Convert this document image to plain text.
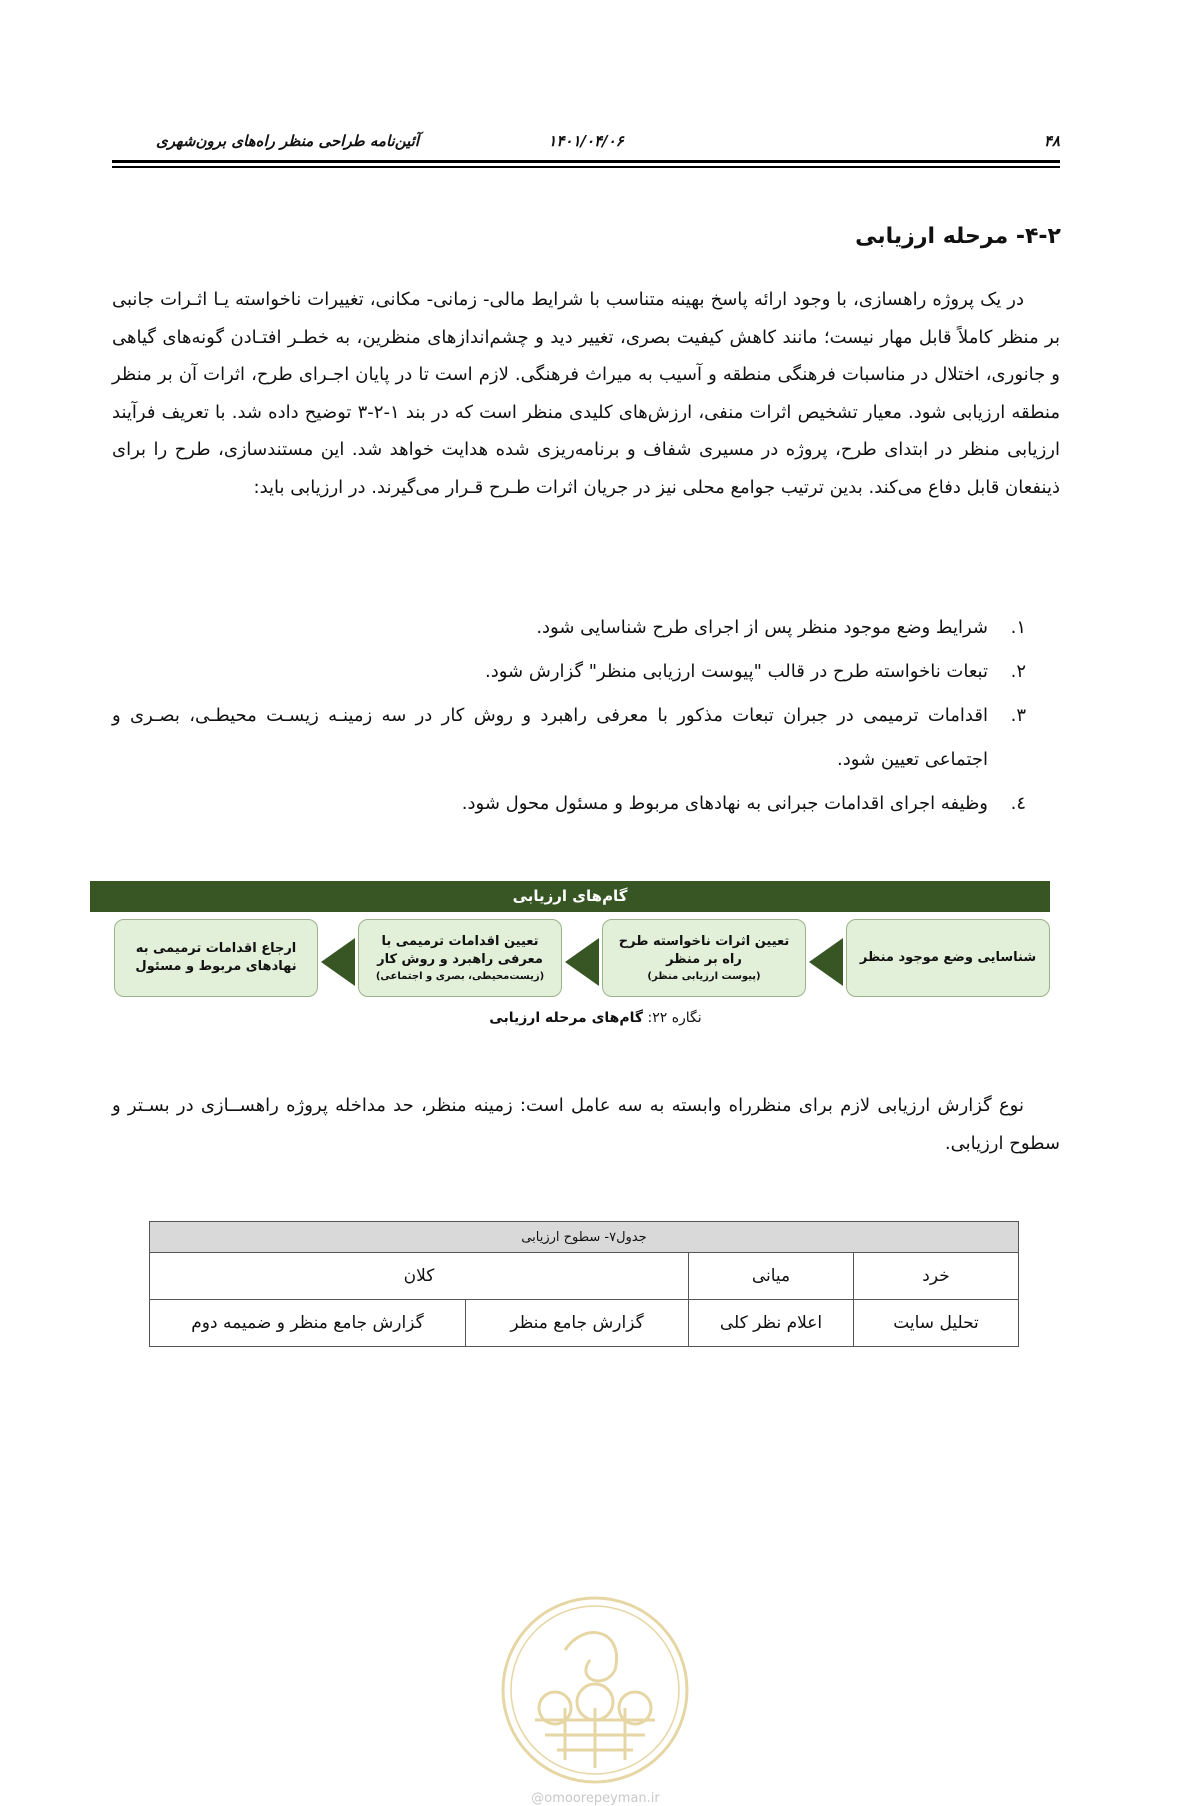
۴۸
۱۴۰۱/۰۴/۰۶
آئین‌نامه طراحی منظر راه‌های برون‌شهری
۴-۲- مرحله ارزیابی

در یک پروژه راهسازی، با وجود ارائه پاسخ بهینه متناسب با شرایط مالی- زمانی- مکانی، تغییرات ناخواسته یـا اثـرات جانبی بر منظر کاملاً قابل مهار نیست؛ مانند کاهش کیفیت بصری، تغییر دید و چشم‌اندازهای منظرین، به خطـر افتـادن گونه‌های گیاهی و جانوری، اختلال در مناسبات فرهنگی منطقه و آسیب به میراث فرهنگی. لازم است تا در پایان اجـرای طرح، اثرات آن بر منظر منطقه ارزیابی شود. معیار تشخیص اثرات منفی، ارزش‌های کلیدی منظر است که در بند ۱-۲-۳ توضیح داده شد. با تعریف فرآیند ارزیابی منظر در ابتدای طرح، پروژه در مسیری شفاف و برنامه‌ریزی شده هدایت خواهد شد. این مستندسازی، طرح را برای ذینفعان قابل دفاع می‌کند. بدین ترتیب جوامع محلی نیز در جریان اثرات طـرح قـرار می‌گیرند. در ارزیابی باید:

۱.
شرایط وضع موجود منظر پس از اجرای طرح شناسایی شود.
۲.
تبعات ناخواسته طرح در قالب "پیوست ارزیابی منظر" گزارش شود.
۳.
اقدامات ترمیمی در جبران تبعات مذکور با معرفی راهبرد و روش کار در سه زمینـه زیسـت محیطـی، بصـری و اجتماعی تعیین شود.
٤.
وظیفه اجرای اقدامات جبرانی به نهادهای مربوط و مسئول محول شود.
گام‌های ارزیابی
شناسایی وضع موجود منظر
تعیین اثرات ناخواسته طرح
راه بر منظر
(پیوست ارزیابی منظر)
تعیین اقدامات ترمیمی با
معرفی راهبرد و روش کار
(زیست‌محیطی، بصری و اجتماعی)
ارجاع اقدامات ترمیمی به
نهادهای مربوط و مسئول
نگاره ۲۲: گام‌های مرحله ارزیابی

نوع گزارش ارزیابی لازم برای منظرراه وابسته به سه عامل است: زمینه منظر، حد مداخله پروژه راهســازی در بسـتر و سطوح ارزیابی.

جدول۷- سطوح ارزیابی			
خرد	میانی	کلان	
تحلیل سایت	اعلام نظر کلی	گزارش جامع منظر	گزارش جامع منظر و ضمیمه دوم
@omoorepeyman.ir
